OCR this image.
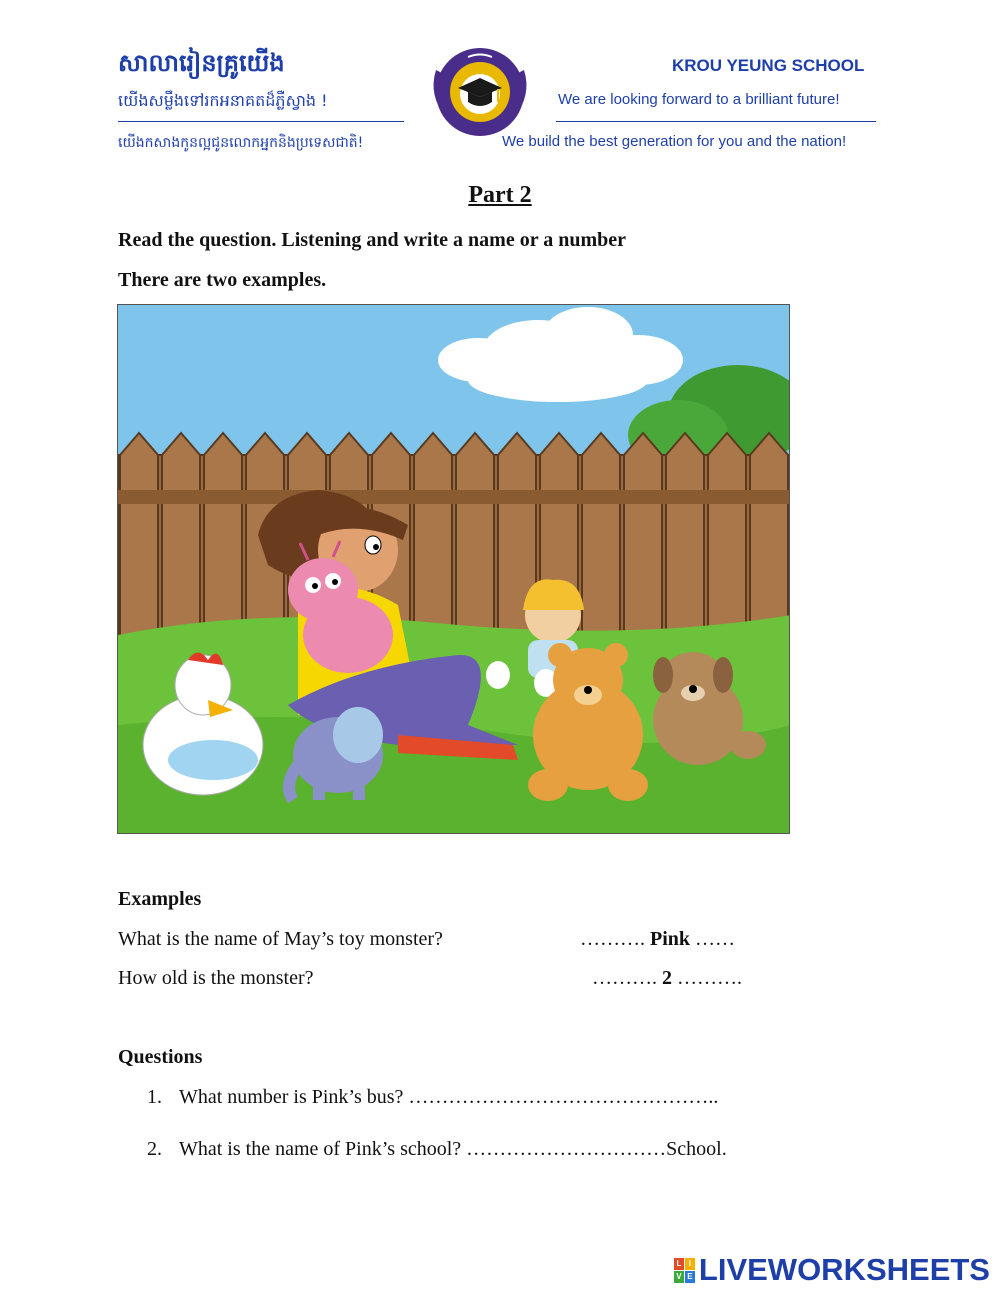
សាលារៀនគ្រូយើង
យើងសម្លឹងទៅរកអនាគតដ៏ភ្លឺស្វាង !
KROU YEUNG SCHOOL
We are looking forward to a brilliant future!
យើងកសាងកូនល្អជូនលោកអ្នកនិងប្រទេសជាតិ!	We build the best generation for you and the nation!
Part 2
Read the question. Listening and write a name or a number
There are two examples.
Examples
What is the name of May’s toy monster?	………. Pink ……
How old is the monster?	………. 2 ……….
Questions
1. What number is Pink’s bus? ………………………………………..
2. What is the name of Pink’s school? …………………………School.
L I
V E LIVEWORKSHEETS
